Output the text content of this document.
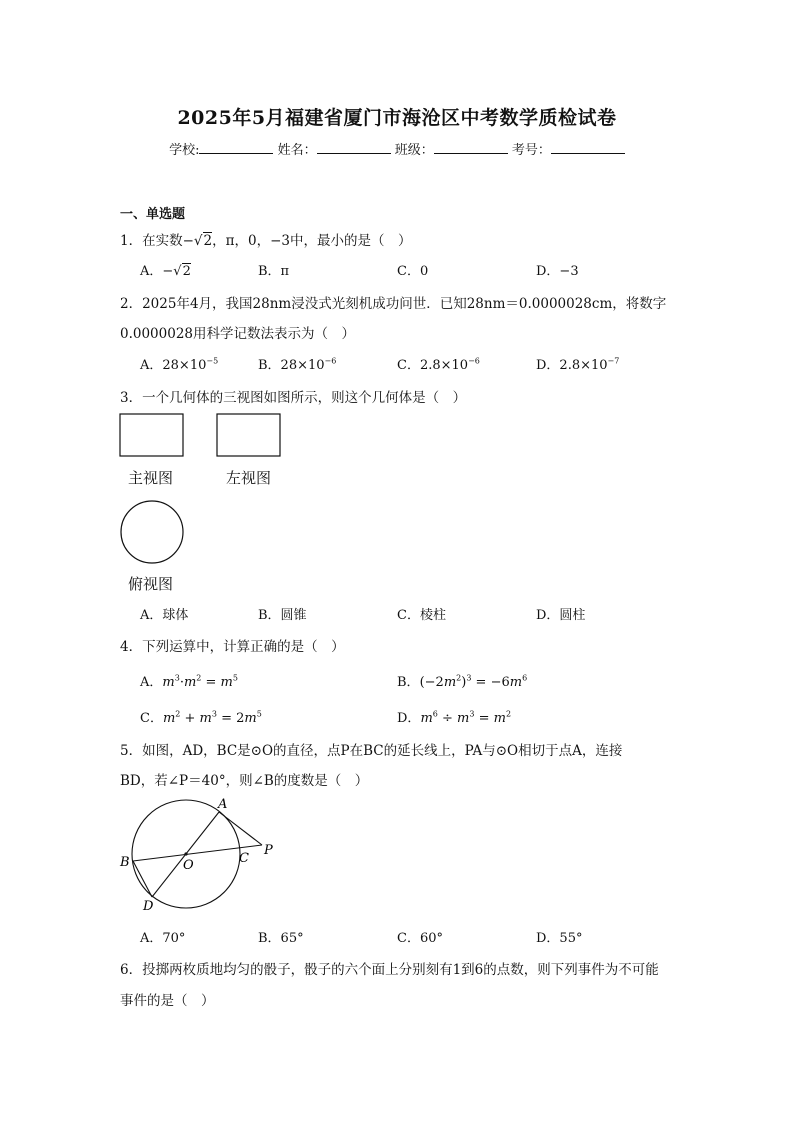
2025年5月福建省厦门市海沧区中考数学质检试卷
学校:	姓名：	班级：	考号：
一、单选题
1．在实数−√2，π，0，−3中，最小的是（　）
A．−√2	B．π	C．0	D．−3
2．2025年4月，我国28nm浸没式光刻机成功问世．已知28nm＝0.0000028cm，将数字
0.0000028用科学记数法表示为（　）
A．$28\times 10^{-5}$	B．$28\times 10^{-6}$	C．$2.8\times 10^{-6}$	D．$2.8\times 10^{-7}$
3．一个几何体的三视图如图所示，则这个几何体是（　）
主视图	左视图
俯视图
A．球体	B．圆锥	C．棱柱	D．圆柱
4．下列运算中，计算正确的是（　）
A．$m^3\cdot m^2 = m^5$	B．$(-2m^2)^3 = -6m^6$
C．$m^2 + m^3 = 2m^5$	D．$m^6 \div m^3 = m^2$
5．如图，AD，BC是⊙O的直径，点P在BC的延长线上，PA与⊙O相切于点A，连接
BD，若∠P＝40°，则∠B的度数是（　）
A
B	C
D
O
P
A．70°	B．65°	C．60°	D．55°
6．投掷两枚质地均匀的骰子，骰子的六个面上分别刻有1到6的点数，则下列事件为不可能
事件的是（　）
